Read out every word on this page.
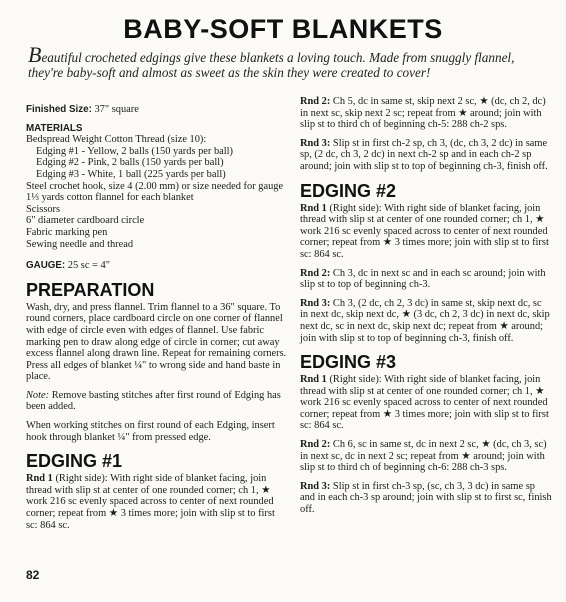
BABY-SOFT BLANKETS
Beautiful crocheted edgings give these blankets a loving touch. Made from snuggly flannel, they're baby-soft and almost as sweet as the skin they were created to cover!
Finished Size: 37" square
MATERIALS
Bedspread Weight Cotton Thread (size 10):
Edging #1 - Yellow, 2 balls (150 yards per ball)
Edging #2 - Pink, 2 balls (150 yards per ball)
Edging #3 - White, 1 ball (225 yards per ball)
Steel crochet hook, size 4 (2.00 mm) or size needed for gauge
1⅓ yards cotton flannel for each blanket
Scissors
6" diameter cardboard circle
Fabric marking pen
Sewing needle and thread
GAUGE: 25 sc = 4"
PREPARATION
Wash, dry, and press flannel. Trim flannel to a 36" square. To round corners, place cardboard circle on one corner of flannel with edge of circle even with edges of flannel. Use fabric marking pen to draw along edge of circle in corner; cut away excess flannel along drawn line. Repeat for remaining corners. Press all edges of blanket ¼" to wrong side and hand baste in place.
Note: Remove basting stitches after first round of Edging has been added.
When working stitches on first round of each Edging, insert hook through blanket ¼" from pressed edge.
EDGING #1
Rnd 1 (Right side): With right side of blanket facing, join thread with slip st at center of one rounded corner; ch 1, ★ work 216 sc evenly spaced across to center of next rounded corner; repeat from ★ 3 times more; join with slip st to first sc: 864 sc.
Rnd 2: Ch 5, dc in same st, skip next 2 sc, ★ (dc, ch 2, dc) in next sc, skip next 2 sc; repeat from ★ around; join with slip st to third ch of beginning ch-5: 288 ch-2 sps.
Rnd 3: Slip st in first ch-2 sp, ch 3, (dc, ch 3, 2 dc) in same sp, (2 dc, ch 3, 2 dc) in next ch-2 sp and in each ch-2 sp around; join with slip st to top of beginning ch-3, finish off.
EDGING #2
Rnd 1 (Right side): With right side of blanket facing, join thread with slip st at center of one rounded corner; ch 1, ★ work 216 sc evenly spaced across to center of next rounded corner; repeat from ★ 3 times more; join with slip st to first sc: 864 sc.
Rnd 2: Ch 3, dc in next sc and in each sc around; join with slip st to top of beginning ch-3.
Rnd 3: Ch 3, (2 dc, ch 2, 3 dc) in same st, skip next dc, sc in next dc, skip next dc, ★ (3 dc, ch 2, 3 dc) in next dc, skip next dc, sc in next dc, skip next dc; repeat from ★ around; join with slip st to top of beginning ch-3, finish off.
EDGING #3
Rnd 1 (Right side): With right side of blanket facing, join thread with slip st at center of one rounded corner; ch 1, ★ work 216 sc evenly spaced across to center of next rounded corner; repeat from ★ 3 times more; join with slip st to first sc: 864 sc.
Rnd 2: Ch 6, sc in same st, dc in next 2 sc, ★ (dc, ch 3, sc) in next sc, dc in next 2 sc; repeat from ★ around; join with slip st to third ch of beginning ch-6: 288 ch-3 sps.
Rnd 3: Slip st in first ch-3 sp, (sc, ch 3, 3 dc) in same sp and in each ch-3 sp around; join with slip st to first sc, finish off.
82
